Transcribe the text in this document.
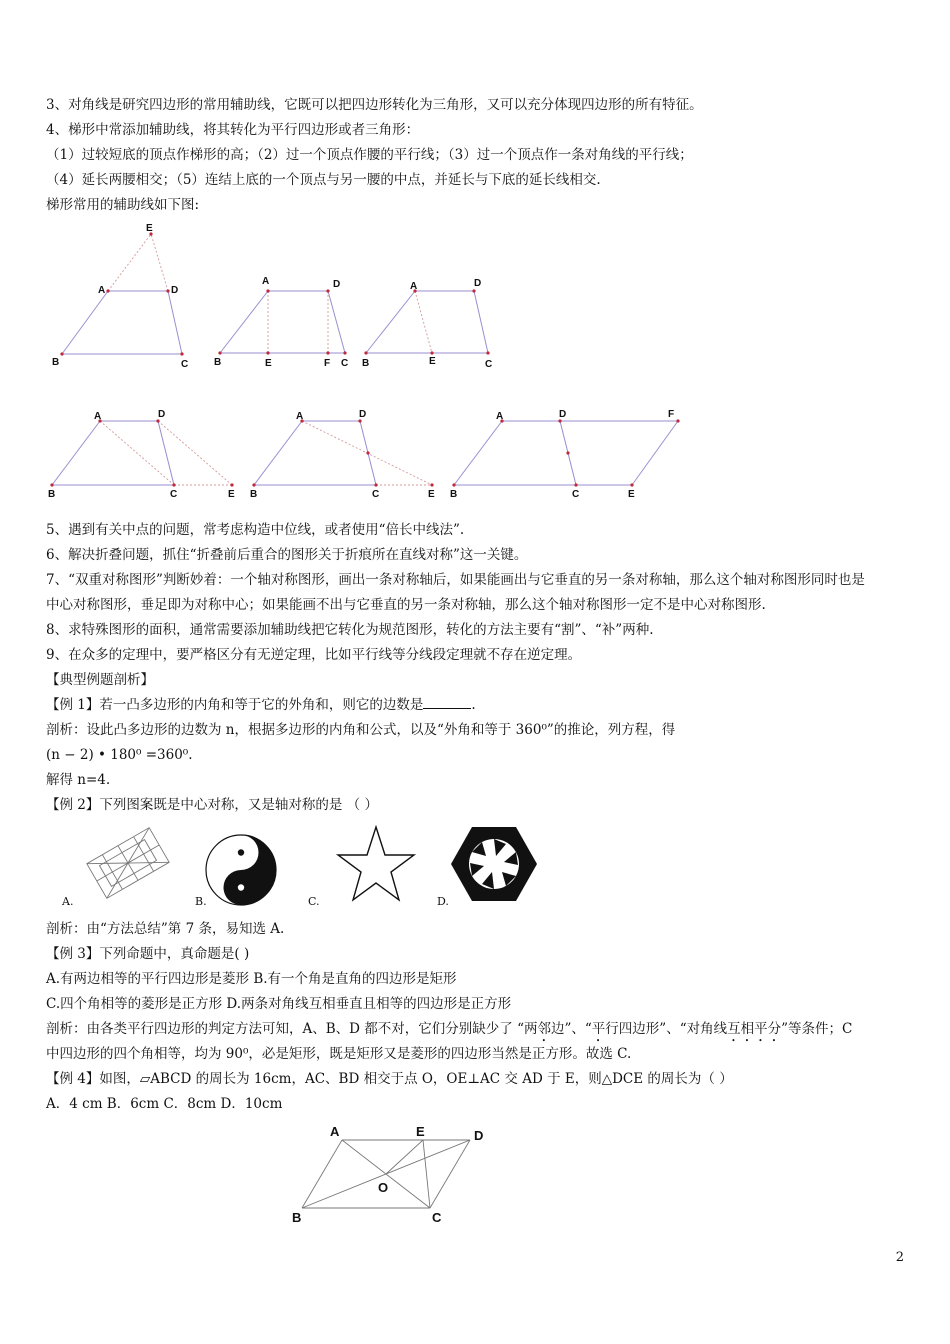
3、对角线是研究四边形的常用辅助线，它既可以把四边形转化为三角形，又可以充分体现四边形的所有特征。
4、梯形中常添加辅助线，将其转化为平行四边形或者三角形：
（1）过较短底的顶点作梯形的高；（2）过一个顶点作腰的平行线；（3）过一个顶点作一条对角线的平行线；
（4）延长两腰相交；（5）连结上底的一个顶点与另一腰的中点，并延长与下底的延长线相交.
梯形常用的辅助线如下图:
E
A	D
B	C
A	D
B	E	F C
A	D
B	E	C
A	D
B	C	E
A	D
B	C	E
A	D	F
B	C	E
5、遇到有关中点的问题，常考虑构造中位线，或者使用“倍长中线法”.
6、解决折叠问题，抓住“折叠前后重合的图形关于折痕所在直线对称”这一关键。
7、“双重对称图形”判断妙着：一个轴对称图形，画出一条对称轴后，如果能画出与它垂直的另一条对称轴，那么这个轴对称图形同时也是
中心对称图形，垂足即为对称中心；如果能画不出与它垂直的另一条对称轴，那么这个轴对称图形一定不是中心对称图形.
8、求特殊图形的面积，通常需要添加辅助线把它转化为规范图形，转化的方法主要有“割”、“补”两种.
9、在众多的定理中，要严格区分有无逆定理，比如平行线等分线段定理就不存在逆定理。
【典型例题剖析】
【例 1】若一凸多边形的内角和等于它的外角和，则它的边数是	.
剖析：设此凸多边形的边数为 n，根据多边形的内角和公式，以及“外角和等于 360⁰”的推论，列方程，得
(n − 2) • 180⁰ =360⁰.
解得 n=4.
【例 2】下列图案既是中心对称，又是轴对称的是 （ ）
A.	B.	C.	D.
剖析：由“方法总结”第 7 条，易知选 A.
【例 3】下列命题中，真命题是( )
A.有两边相等的平行四边形是菱形 B.有一个角是直角的四边形是矩形
C.四个角相等的菱形是正方形 D.两条对角线互相垂直且相等的四边形是正方形
剖析：由各类平行四边形的判定方法可知，A、B、D 都不对，它们分别缺少了 “两邻边”、“平行四边形”、“对角线互相平分”等条件；C
中四边形的四个角相等，均为 90⁰，必是矩形，既是矩形又是菱形的四边形当然是正方形。故选 C.
【例 4】如图，▱ABCD 的周长为 16cm，AC、BD 相交于点 O，OE⊥AC 交 AD 于 E，则△DCE 的周长为（ ）
A．4 cm B．6cm C．8cm D．10cm
A	E	D
O
B	C
2
